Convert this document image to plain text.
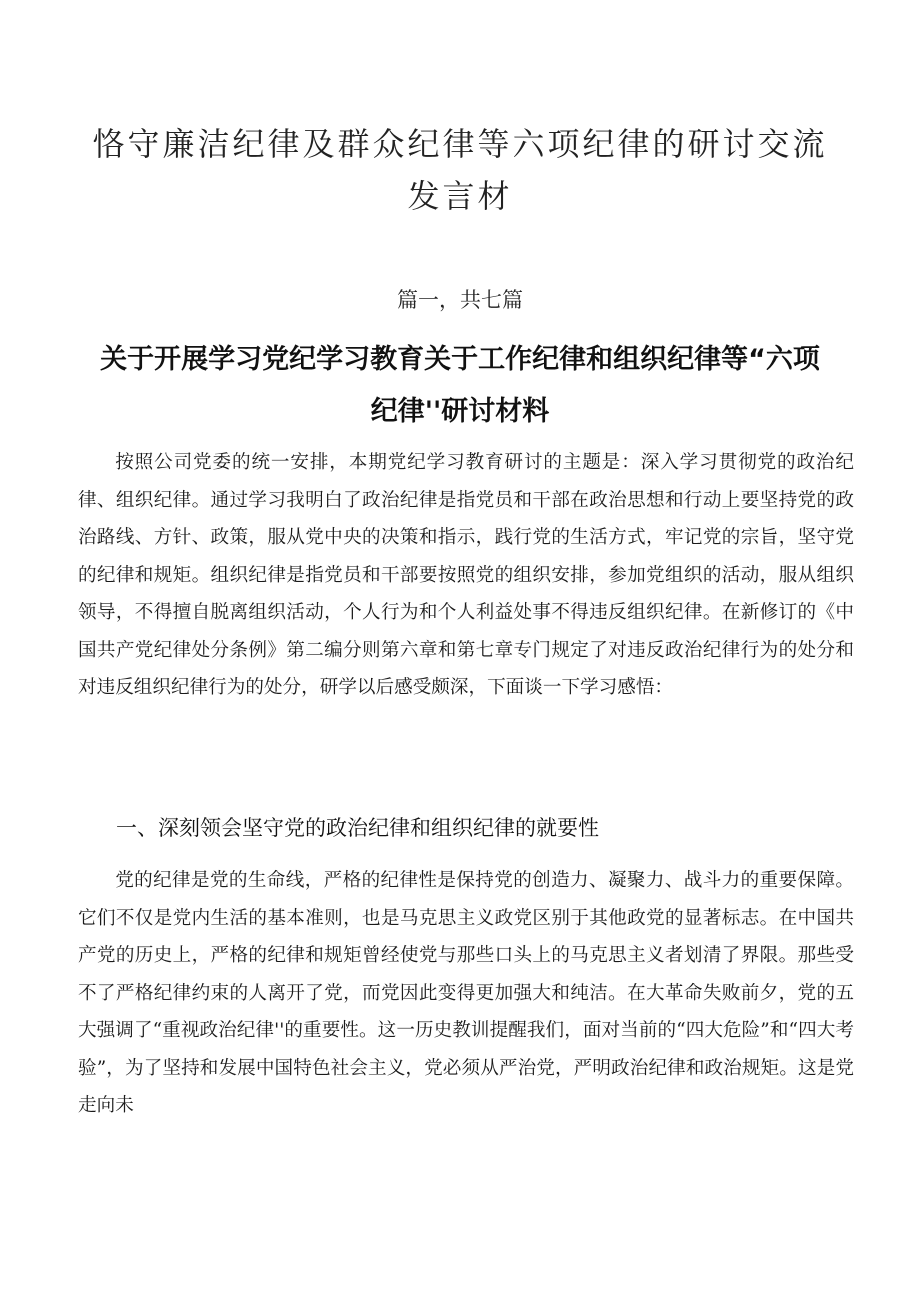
恪守廉洁纪律及群众纪律等六项纪律的研讨交流发言材

篇一，共七篇

关于开展学习党纪学习教育关于工作纪律和组织纪律等“六项纪律''研讨材料

按照公司党委的统一安排，本期党纪学习教育研讨的主题是：深入学习贯彻党的政治纪律、组织纪律。通过学习我明白了政治纪律是指党员和干部在政治思想和行动上要坚持党的政治路线、方针、政策，服从党中央的决策和指示，践行党的生活方式，牢记党的宗旨，坚守党的纪律和规矩。组织纪律是指党员和干部要按照党的组织安排，参加党组织的活动，服从组织领导，不得擅自脱离组织活动，个人行为和个人利益处事不得违反组织纪律。在新修订的《中国共产党纪律处分条例》第二编分则第六章和第七章专门规定了对违反政治纪律行为的处分和对违反组织纪律行为的处分，研学以后感受颇深，下面谈一下学习感悟：

一、深刻领会坚守党的政治纪律和组织纪律的就要性

党的纪律是党的生命线，严格的纪律性是保持党的创造力、凝聚力、战斗力的重要保障。它们不仅是党内生活的基本准则，也是马克思主义政党区别于其他政党的显著标志。在中国共产党的历史上，严格的纪律和规矩曾经使党与那些口头上的马克思主义者划清了界限。那些受不了严格纪律约束的人离开了党，而党因此变得更加强大和纯洁。在大革命失败前夕，党的五大强调了“重视政治纪律''的重要性。这一历史教训提醒我们，面对当前的“四大危险”和“四大考验”，为了坚持和发展中国特色社会主义，党必须从严治党，严明政治纪律和政治规矩。这是党走向未
